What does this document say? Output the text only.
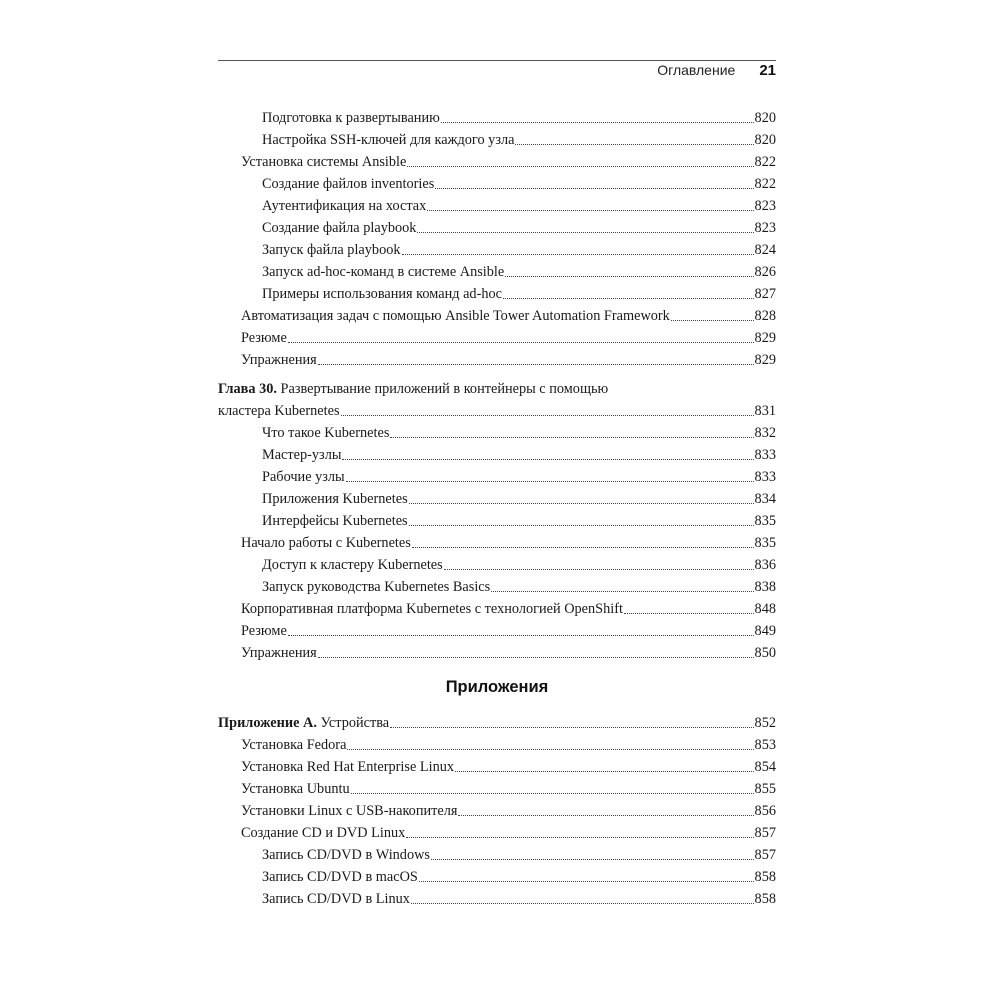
Оглавление 21
Подготовка к развертыванию	820
Настройка SSH-ключей для каждого узла	820
Установка системы Ansible	822
Создание файлов inventories	822
Аутентификация на хостах	823
Создание файла playbook	823
Запуск файла playbook	824
Запуск ad-hoc-команд в системе Ansible	826
Примеры использования команд ad-hoc	827
Автоматизация задач с помощью Ansible Tower Automation Framework	828
Резюме	829
Упражнения	829
Глава 30. Развертывание приложений в контейнеры с помощью
кластера Kubernetes	831
Что такое Kubernetes	832
Мастер-узлы	833
Рабочие узлы	833
Приложения Kubernetes	834
Интерфейсы Kubernetes	835
Начало работы с Kubernetes	835
Доступ к кластеру Kubernetes	836
Запуск руководства Kubernetes Basics	838
Корпоративная платформа Kubernetes с технологией OpenShift	848
Резюме	849
Упражнения	850
Приложения
Приложение А. Устройства	852
Установка Fedora	853
Установка Red Hat Enterprise Linux	854
Установка Ubuntu	855
Установки Linux с USB-накопителя	856
Создание CD и DVD Linux	857
Запись CD/DVD в Windows	857
Запись CD/DVD в macOS	858
Запись CD/DVD в Linux	858
